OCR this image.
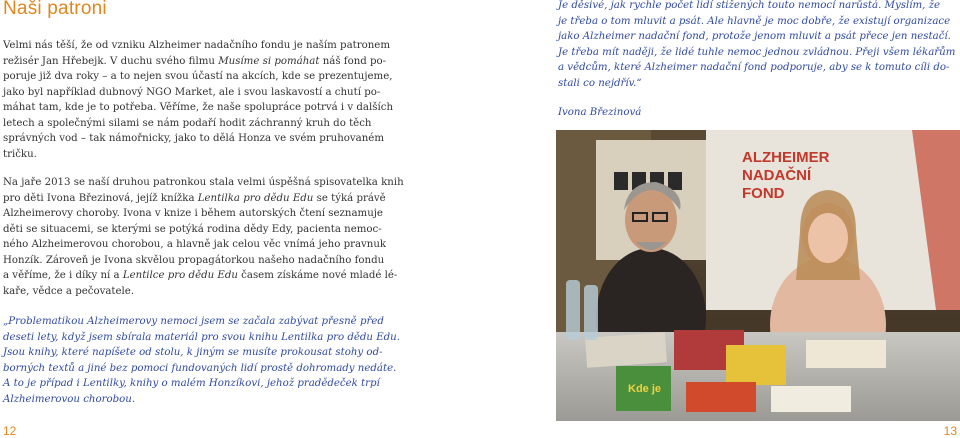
Naši patroni

Velmi nás těší, že od vzniku Alzheimer nadačního fondu je naším patronem
režisér Jan Hřebejk. V duchu svého filmu Musíme si pomáhat náš fond po-
poruje již dva roky – a to nejen svou účastí na akcích, kde se prezentujeme,
jako byl například dubnový NGO Market, ale i svou laskavostí a chutí po-
máhat tam, kde je to potřeba. Věříme, že naše spolupráce potrvá i v dalších
letech a společnými silami se nám podaří hodit záchranný kruh do těch
správných vod – tak námořnicky, jako to dělá Honza ve svém pruhovaném
tričku.

Na jaře 2013 se naší druhou patronkou stala velmi úspěšná spisovatelka knih
pro děti Ivona Březinová, jejíž knížka Lentilka pro dědu Edu se týká právě
Alzheimerovy choroby. Ivona v knize i během autorských čtení seznamuje
děti se situacemi, se kterými se potýká rodina dědy Edy, pacienta nemoc-
ného Alzheimerovou chorobou, a hlavně jak celou věc vnímá jeho pravnuk
Honzík. Zároveň je Ivona skvělou propagátorkou našeho nadačního fondu
a věříme, že i díky ní a Lentilce pro dědu Edu časem získáme nové mladé lé-
kaře, vědce a pečovatele.

„Problematikou Alzheimerovy nemoci jsem se začala zabývat přesně před
deseti lety, když jsem sbírala materiál pro svou knihu Lentilka pro dědu Edu.
Jsou knihy, které napíšete od stolu, k jiným se musíte prokousat stohy od-
borných textů a jiné bez pomoci fundovaných lidí prostě dohromady nedáte.
A to je případ i Lentilky, knihy o malém Honzíkovi, jehož pradědeček trpí
Alzheimerovou chorobou.

Je děsivé, jak rychle počet lidí stižených touto nemocí narůstá. Myslím, že
je třeba o tom mluvit a psát. Ale hlavně je moc dobře, že existují organizace
jako Alzheimer nadační fond, protože jenom mluvit a psát přece jen nestačí.
Je třeba mít naději, že lidé tuhle nemoc jednou zvládnou. Přeji všem lékařům
a vědcům, které Alzheimer nadační fond podporuje, aby se k tomuto cíli do-
stali co nejdřív.“

Ivona Březinová

ALZHEIMER
NADAČNÍ
FOND
Kde je
12	13
